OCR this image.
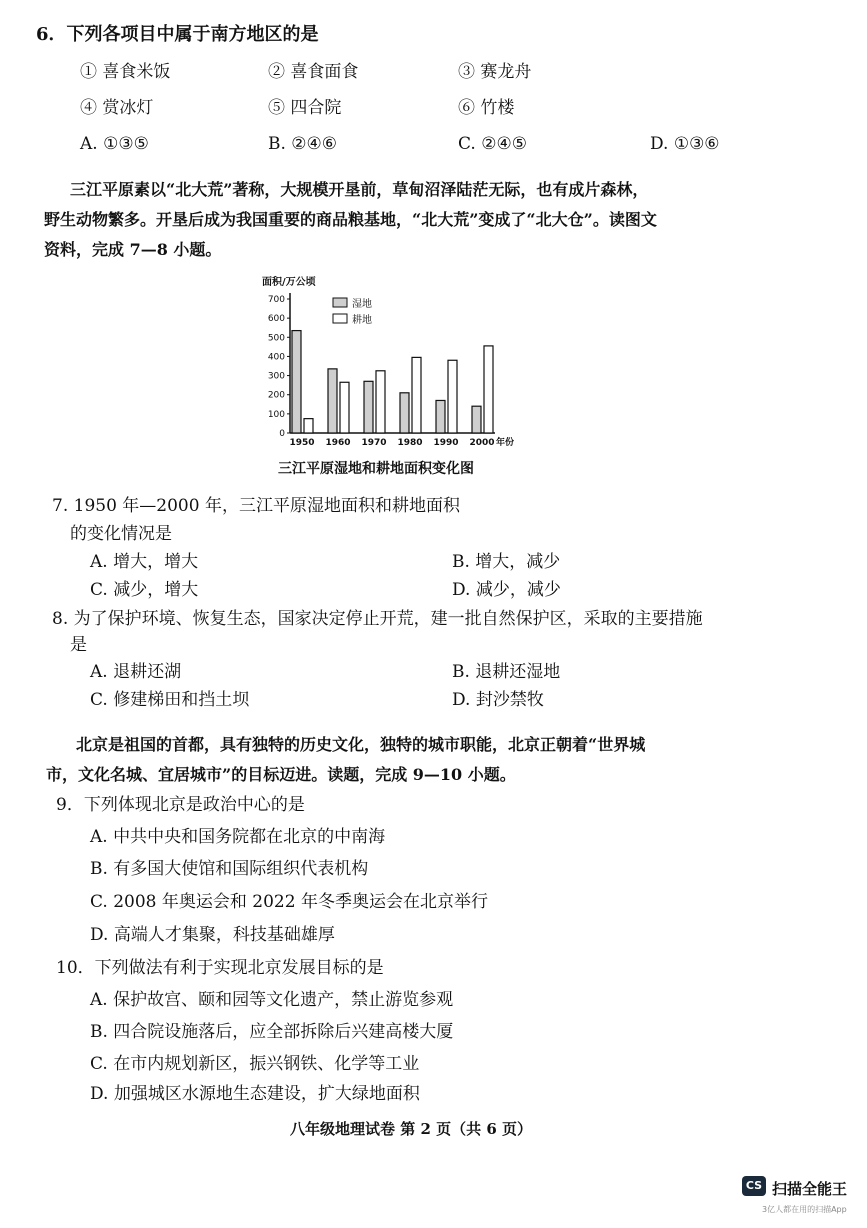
6．下列各项目中属于南方地区的是
① 喜食米饭	② 喜食面食	③ 赛龙舟
④ 赏冰灯	⑤ 四合院	⑥ 竹楼
A. ①③⑤	B. ②④⑥	C. ②④⑤	D. ①③⑥
三江平原素以“北大荒”著称，大规模开垦前，草甸沼泽陆茫无际，也有成片森林，
野生动物繁多。开垦后成为我国重要的商品粮基地，“北大荒”变成了“北大仓”。读图文
资料，完成 7—8 小题。
0
100
200
300
400
500
600
700
面积/万公顷
1950 1960 1970 1980 1990 2000 年份
湿地
耕地
三江平原湿地和耕地面积变化图
7. 1950 年—2000 年，三江平原湿地面积和耕地面积
的变化情况是
A. 增大，增大	B. 增大，减少
C. 减少，增大	D. 减少，减少
8. 为了保护环境、恢复生态，国家决定停止开荒，建一批自然保护区，采取的主要措施
是
A. 退耕还湖	B. 退耕还湿地
C. 修建梯田和挡土坝	D. 封沙禁牧
北京是祖国的首都，具有独特的历史文化，独特的城市职能，北京正朝着“世界城
市，文化名城、宜居城市”的目标迈进。读题，完成 9—10 小题。
9．下列体现北京是政治中心的是
A. 中共中央和国务院都在北京的中南海
B. 有多国大使馆和国际组织代表机构
C. 2008 年奥运会和 2022 年冬季奥运会在北京举行
D. 高端人才集聚，科技基础雄厚
10．下列做法有利于实现北京发展目标的是
A. 保护故宫、颐和园等文化遗产，禁止游览参观
B. 四合院设施落后，应全部拆除后兴建高楼大厦
C. 在市内规划新区，振兴钢铁、化学等工业
D. 加强城区水源地生态建设，扩大绿地面积
八年级地理试卷 第 2 页（共 6 页）
CS 扫描全能王
3亿人都在用的扫描App
